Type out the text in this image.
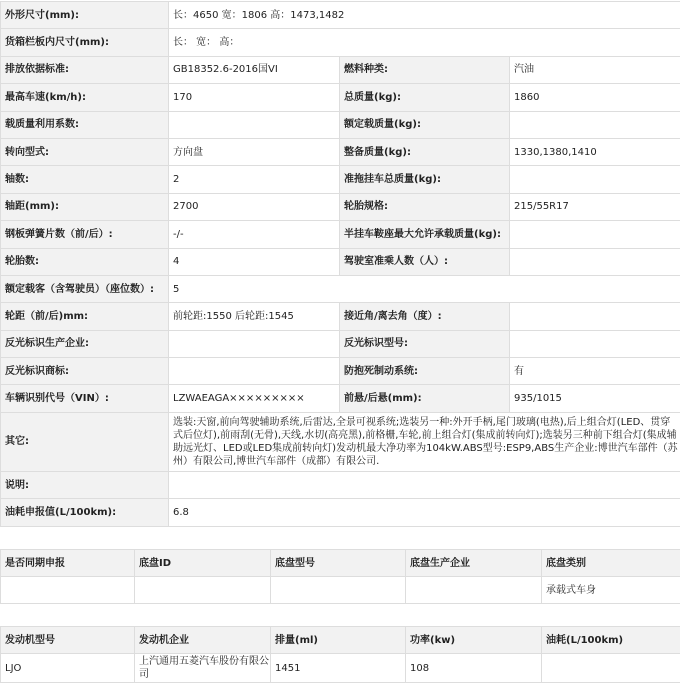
外形尺寸(mm):	长：4650 宽：1806 高：1473,1482		
货箱栏板内尺寸(mm):	长： 宽： 高：		
排放依据标准:	GB18352.6-2016国VI	燃料种类:	汽油
最高车速(km/h):	170	总质量(kg):	1860
载质量利用系数:		额定载质量(kg):	
转向型式:	方向盘	整备质量(kg):	1330,1380,1410
轴数:	2	准拖挂车总质量(kg):	
轴距(mm):	2700	轮胎规格:	215/55R17
钢板弹簧片数（前/后）:	-/-	半挂车鞍座最大允许承载质量(kg):	
轮胎数:	4	驾驶室准乘人数（人）:	
额定载客（含驾驶员）（座位数）:	5		
轮距（前/后)mm:	前轮距:1550 后轮距:1545	接近角/离去角（度）:	
反光标识生产企业:		反光标识型号:	
反光标识商标:		防抱死制动系统:	有
车辆识别代号（VIN）:	LZWAEAGA×××××××××	前悬/后悬(mm):	935/1015
其它:	选装:天窗,前向驾驶辅助系统,后雷达,全景可视系统;选装另一种:外开手柄,尾门玻璃(电热),后上组合灯(LED、贯穿式后位灯),前雨刮(无骨),天线,水切(高亮黑),前格栅,车轮,前上组合灯(集成前转向灯);选装另三种前下组合灯(集成辅助远光灯、LED或LED集成前转向灯)发动机最大净功率为104kW.ABS型号:ESP9,ABS生产企业:博世汽车部件（苏州）有限公司,博世汽车部件（成都）有限公司.		
说明:			
油耗申报值(L/100km):	6.8		
是否同期申报	底盘ID	底盘型号	底盘生产企业	底盘类别
				承载式车身
发动机型号	发动机企业	排量(ml)	功率(kw)	油耗(L/100km)
LJO	上汽通用五菱汽车股份有限公司	1451	108	
